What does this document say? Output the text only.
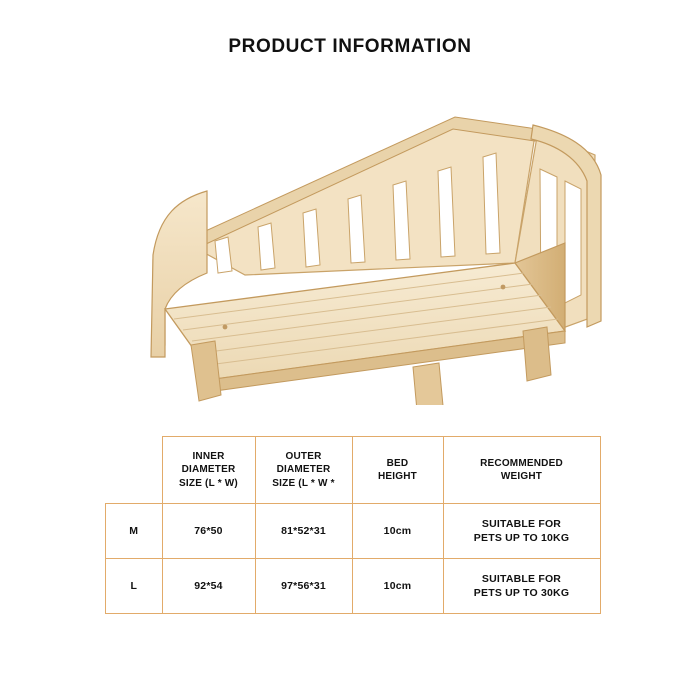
PRODUCT INFORMATION

	INNER
DIAMETER
SIZE (L * W)	OUTER
DIAMETER
SIZE (L * W *	BED
HEIGHT	RECOMMENDED
WEIGHT

M	76*50	81*52*31	10cm	SUITABLE FOR
PETS UP TO 10KG

L	92*54	97*56*31	10cm	SUITABLE FOR
PETS UP TO 30KG
